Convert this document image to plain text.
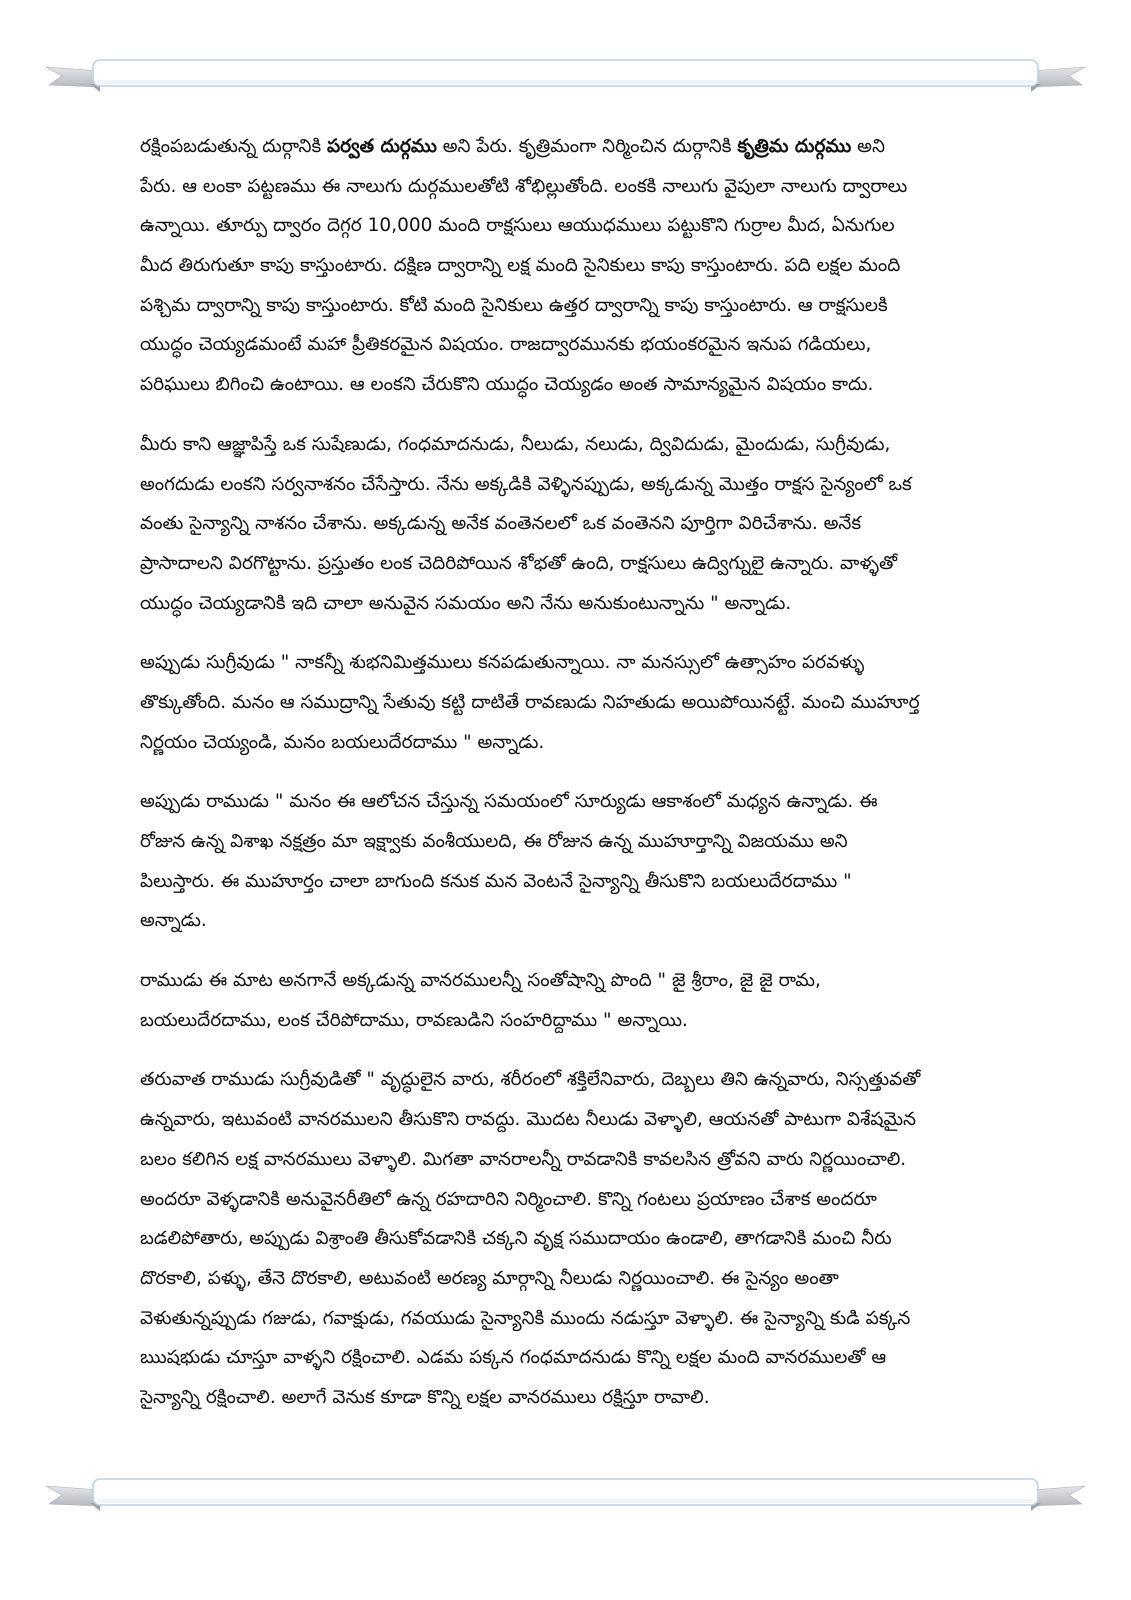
రక్షింపబడుతున్న దుర్గానికి పర్వత దుర్గము అని పేరు. కృత్రిమంగా నిర్మించిన దుర్గానికి కృత్రిమ దుర్గము అని
పేరు. ఆ లంకా పట్టణము ఈ నాలుగు దుర్గములతోటి శోభిల్లుతోంది. లంకకి నాలుగు వైపులా నాలుగు ద్వారాలు
ఉన్నాయి. తూర్పు ద్వారం దెగ్గర 10,000 మంది రాక్షసులు ఆయుధములు పట్టుకొని గుర్రాల మీద, ఏనుగుల
మీద తిరుగుతూ కాపు కాస్తుంటారు. దక్షిణ ద్వారాన్ని లక్ష మంది సైనికులు కాపు కాస్తుంటారు. పది లక్షల మంది
పశ్చిమ ద్వారాన్ని కాపు కాస్తుంటారు. కోటి మంది సైనికులు ఉత్తర ద్వారాన్ని కాపు కాస్తుంటారు. ఆ రాక్షసులకి
యుద్ధం చెయ్యడమంటే మహా ప్రీతికరమైన విషయం. రాజద్వారమునకు భయంకరమైన ఇనుప గడియలు,
పరిఘులు బిగించి ఉంటాయి. ఆ లంకని చేరుకొని యుద్ధం చెయ్యడం అంత సామాన్యమైన విషయం కాదు.
మీరు కాని ఆజ్ఞాపిస్తే ఒక సుషేణుడు, గంధమాదనుడు, నీలుడు, నలుడు, ద్వివిదుడు, మైందుడు, సుగ్రీవుడు,
అంగదుడు లంకని సర్వనాశనం చేసేస్తారు. నేను అక్కడికి వెళ్ళినప్పుడు, అక్కడున్న మొత్తం రాక్షస సైన్యంలో ఒక
వంతు సైన్యాన్ని నాశనం చేశాను. అక్కడున్న అనేక వంతెనలలో ఒక వంతెనని పూర్తిగా విరిచేశాను. అనేక
ప్రాసాదాలని విరగొట్టాను. ప్రస్తుతం లంక చెదిరిపోయిన శోభతో ఉంది, రాక్షసులు ఉద్విగ్నులై ఉన్నారు. వాళ్ళతో
యుద్ధం చెయ్యడానికి ఇది చాలా అనువైన సమయం అని నేను అనుకుంటున్నాను " అన్నాడు.
అప్పుడు సుగ్రీవుడు " నాకన్నీ శుభనిమిత్తములు కనపడుతున్నాయి. నా మనస్సులో ఉత్సాహం పరవళ్ళు
తొక్కుతోంది. మనం ఆ సముద్రాన్ని సేతువు కట్టి దాటితే రావణుడు నిహతుడు అయిపోయినట్టే. మంచి ముహూర్త
నిర్ణయం చెయ్యండి, మనం బయలుదేరదాము " అన్నాడు.
అప్పుడు రాముడు " మనం ఈ ఆలోచన చేస్తున్న సమయంలో సూర్యుడు ఆకాశంలో మధ్యన ఉన్నాడు. ఈ
రోజున ఉన్న విశాఖ నక్షత్రం మా ఇక్ష్వాకు వంశీయులది, ఈ రోజున ఉన్న ముహూర్తాన్ని విజయము అని
పిలుస్తారు. ఈ ముహూర్తం చాలా బాగుంది కనుక మన వెంటనే సైన్యాన్ని తీసుకొని బయలుదేరదాము "
అన్నాడు.
రాముడు ఈ మాట అనగానే అక్కడున్న వానరములన్నీ సంతోషాన్ని పొంది " జై శ్రీరాం, జై జై రామ,
బయలుదేరదాము, లంక చేరిపోదాము, రావణుడిని సంహరిద్దాము " అన్నాయి.
తరువాత రాముడు సుగ్రీవుడితో " వృద్ధులైన వారు, శరీరంలో శక్తిలేనివారు, దెబ్బలు తిని ఉన్నవారు, నిస్సత్తువతో
ఉన్నవారు, ఇటువంటి వానరములని తీసుకొని రావద్దు. మొదట నీలుడు వెళ్ళాలి, ఆయనతో పాటుగా విశేషమైన
బలం కలిగిన లక్ష వానరములు వెళ్ళాలి. మిగతా వానరాలన్నీ రావడానికి కావలసిన త్రోవని వారు నిర్ణయించాలి.
అందరూ వెళ్ళడానికి అనువైనరీతిలో ఉన్న రహదారిని నిర్మించాలి. కొన్ని గంటలు ప్రయాణం చేశాక అందరూ
బడలిపోతారు, అప్పుడు విశ్రాంతి తీసుకోవడానికి చక్కని వృక్ష సముదాయం ఉండాలి, తాగడానికి మంచి నీరు
దొరకాలి, పళ్ళు, తేనె దొరకాలి, అటువంటి అరణ్య మార్గాన్ని నీలుడు నిర్ణయించాలి. ఈ సైన్యం అంతా
వెళుతున్నప్పుడు గజుడు, గవాక్షుడు, గవయుడు సైన్యానికి ముందు నడుస్తూ వెళ్ళాలి. ఈ సైన్యాన్ని కుడి పక్కన
ఋషభుడు చూస్తూ వాళ్ళని రక్షించాలి. ఎడమ పక్కన గంధమాదనుడు కొన్ని లక్షల మంది వానరములతో ఆ
సైన్యాన్ని రక్షించాలి. అలాగే వెనుక కూడా కొన్ని లక్షల వానరములు రక్షిస్తూ రావాలి.
